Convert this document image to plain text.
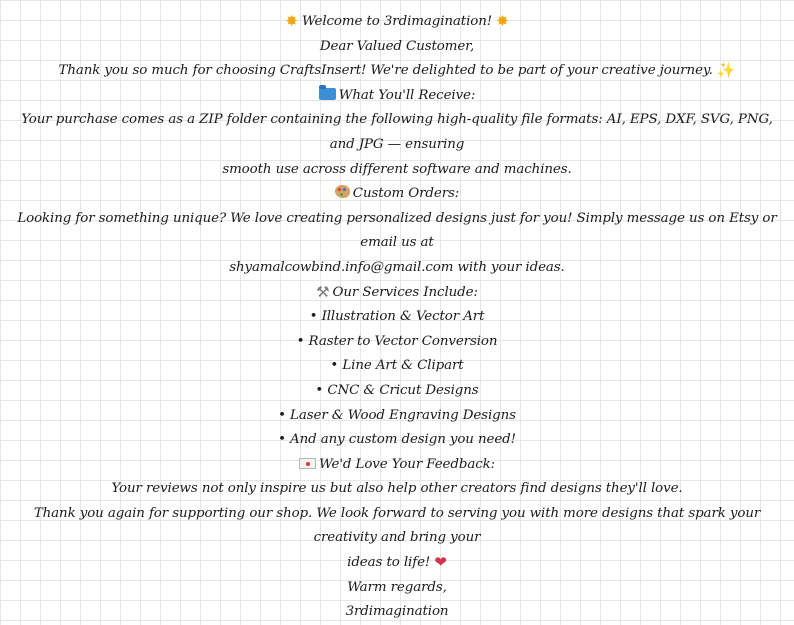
✸ Welcome to 3rdimagination! ✸
Dear Valued Customer,
Thank you so much for choosing CraftsInsert! We're delighted to be part of your creative journey. ✨
What You'll Receive:
Your purchase comes as a ZIP folder containing the following high-quality file formats: AI, EPS, DXF, SVG, PNG, and JPG — ensuring
smooth use across different software and machines.
Custom Orders:
Looking for something unique? We love creating personalized designs just for you! Simply message us on Etsy or email us at
shyamalcowbind.info@gmail.com with your ideas.
⚒ Our Services Include:
• Illustration & Vector Art
• Raster to Vector Conversion
• Line Art & Clipart
• CNC & Cricut Designs
• Laser & Wood Engraving Designs
• And any custom design you need!
We'd Love Your Feedback:
Your reviews not only inspire us but also help other creators find designs they'll love.
Thank you again for supporting our shop. We look forward to serving you with more designs that spark your creativity and bring your
ideas to life! ❤
Warm regards,
3rdimagination
